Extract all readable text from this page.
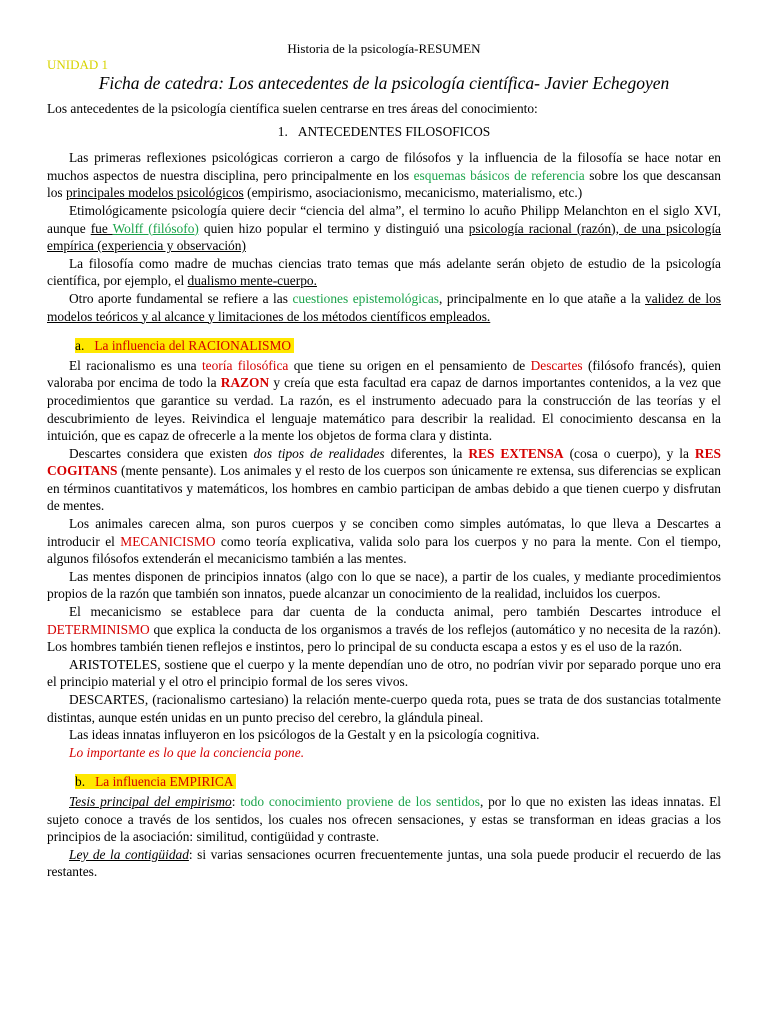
Historia de la psicología-RESUMEN

UNIDAD 1

Ficha de catedra: Los antecedentes de la psicología científica- Javier Echegoyen

Los antecedentes de la psicología científica suelen centrarse en tres áreas del conocimiento:

1. ANTECEDENTES FILOSOFICOS

Las primeras reflexiones psicológicas corrieron a cargo de filósofos y la influencia de la filosofía se hace notar en muchos aspectos de nuestra disciplina, pero principalmente en los esquemas básicos de referencia sobre los que descansan los principales modelos psicológicos (empirismo, asociacionismo, mecanicismo, materialismo, etc.)

Etimológicamente psicología quiere decir “ciencia del alma”, el termino lo acuño Philipp Melanchton en el siglo XVI, aunque fue Wolff (filósofo) quien hizo popular el termino y distinguió una psicología racional (razón), de una psicología empírica (experiencia y observación)

La filosofía como madre de muchas ciencias trato temas que más adelante serán objeto de estudio de la psicología científica, por ejemplo, el dualismo mente-cuerpo.

Otro aporte fundamental se refiere a las cuestiones epistemológicas, principalmente en lo que atañe a la validez de los modelos teóricos y al alcance y limitaciones de los métodos científicos empleados.

a. La influencia del RACIONALISMO

El racionalismo es una teoría filosófica que tiene su origen en el pensamiento de Descartes (filósofo francés), quien valoraba por encima de todo la RAZON y creía que esta facultad era capaz de darnos importantes contenidos, a la vez que procedimientos que garantice su verdad. La razón, es el instrumento adecuado para la construcción de las teorías y el descubrimiento de leyes. Reivindica el lenguaje matemático para describir la realidad. El conocimiento descansa en la intuición, que es capaz de ofrecerle a la mente los objetos de forma clara y distinta.

Descartes considera que existen dos tipos de realidades diferentes, la RES EXTENSA (cosa o cuerpo), y la RES COGITANS (mente pensante). Los animales y el resto de los cuerpos son únicamente re extensa, sus diferencias se explican en términos cuantitativos y matemáticos, los hombres en cambio participan de ambas debido a que tienen cuerpo y disfrutan de mentes.

Los animales carecen alma, son puros cuerpos y se conciben como simples autómatas, lo que lleva a Descartes a introducir el MECANICISMO como teoría explicativa, valida solo para los cuerpos y no para la mente. Con el tiempo, algunos filósofos extenderán el mecanicismo también a las mentes.

Las mentes disponen de principios innatos (algo con lo que se nace), a partir de los cuales, y mediante procedimientos propios de la razón que también son innatos, puede alcanzar un conocimiento de la realidad, incluidos los cuerpos.

El mecanicismo se establece para dar cuenta de la conducta animal, pero también Descartes introduce el DETERMINISMO que explica la conducta de los organismos a través de los reflejos (automático y no necesita de la razón). Los hombres también tienen reflejos e instintos, pero lo principal de su conducta escapa a estos y es el uso de la razón.

ARISTOTELES, sostiene que el cuerpo y la mente dependían uno de otro, no podrían vivir por separado porque uno era el principio material y el otro el principio formal de los seres vivos.

DESCARTES, (racionalismo cartesiano) la relación mente-cuerpo queda rota, pues se trata de dos sustancias totalmente distintas, aunque estén unidas en un punto preciso del cerebro, la glándula pineal.

Las ideas innatas influyeron en los psicólogos de la Gestalt y en la psicología cognitiva.

Lo importante es lo que la conciencia pone.

b. La influencia EMPIRICA

Tesis principal del empirismo: todo conocimiento proviene de los sentidos, por lo que no existen las ideas innatas. El sujeto conoce a través de los sentidos, los cuales nos ofrecen sensaciones, y estas se transforman en ideas gracias a los principios de la asociación: similitud, contigüidad y contraste.

Ley de la contigüidad: si varias sensaciones ocurren frecuentemente juntas, una sola puede producir el recuerdo de las restantes.
